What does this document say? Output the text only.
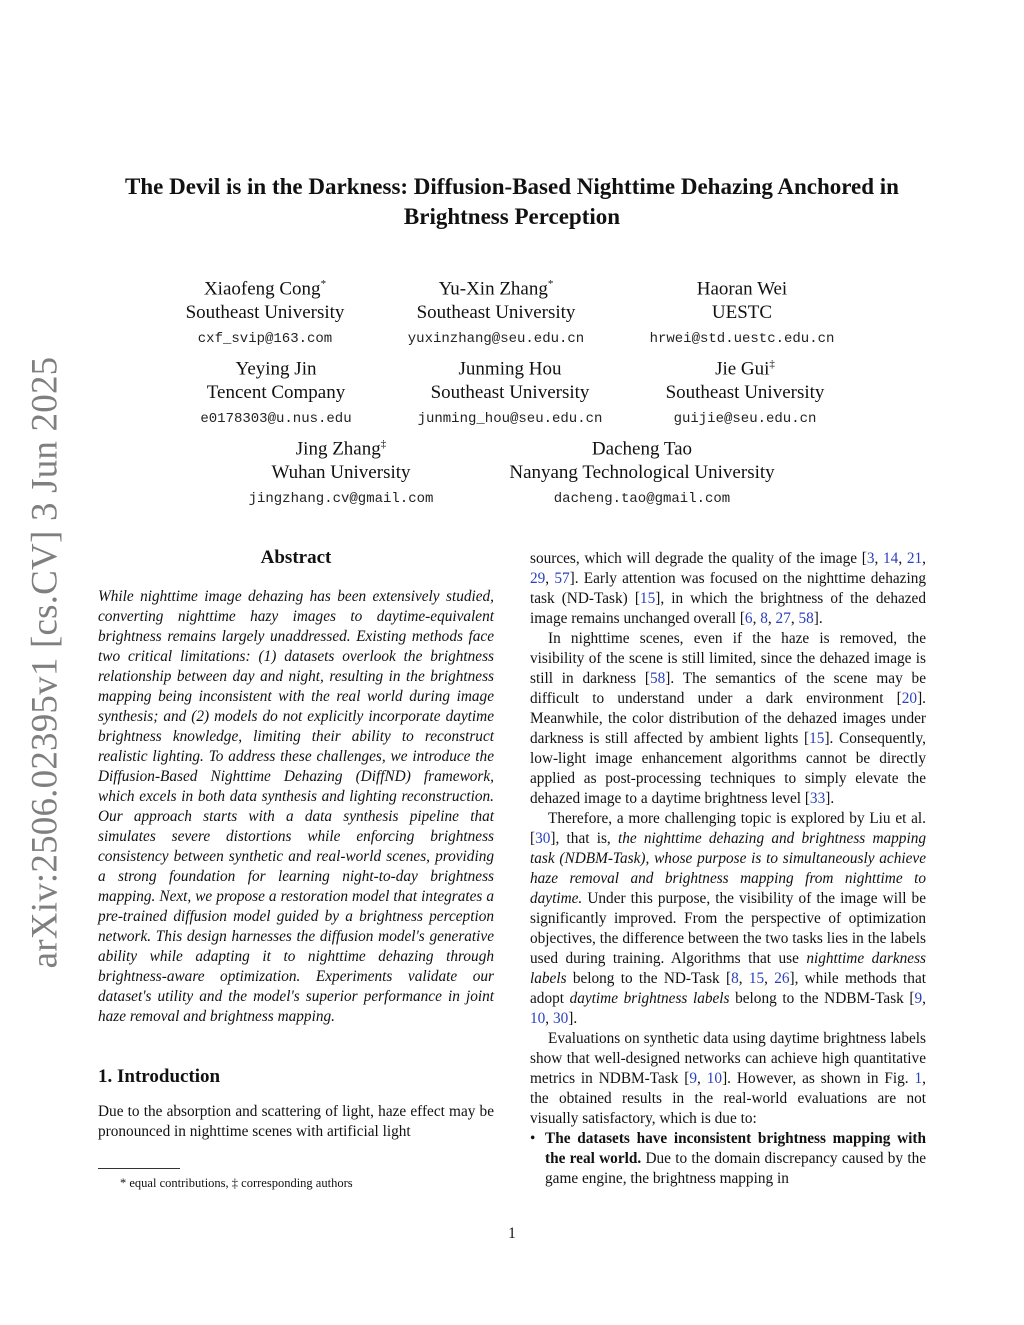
arXiv:2506.02395v1 [cs.CV] 3 Jun 2025
The Devil is in the Darkness: Diffusion-Based Nighttime Dehazing Anchored in
Brightness Perception
Xiaofeng Cong*
Southeast University
cxf_svip@163.com
Yu-Xin Zhang*
Southeast University
yuxinzhang@seu.edu.cn
Haoran Wei
UESTC
hrwei@std.uestc.edu.cn
Yeying Jin
Tencent Company
e0178303@u.nus.edu
Junming Hou
Southeast University
junming_hou@seu.edu.cn
Jie Gui‡
Southeast University
guijie@seu.edu.cn
Jing Zhang‡
Wuhan University
jingzhang.cv@gmail.com
Dacheng Tao
Nanyang Technological University
dacheng.tao@gmail.com
Abstract

While nighttime image dehazing has been extensively studied, converting nighttime hazy images to daytime-equivalent brightness remains largely unaddressed. Existing methods face two critical limitations: (1) datasets overlook the brightness relationship between day and night, resulting in the brightness mapping being inconsistent with the real world during image synthesis; and (2) models do not explicitly incorporate daytime brightness knowledge, limiting their ability to reconstruct realistic lighting. To address these challenges, we introduce the Diffusion-Based Nighttime Dehazing (DiffND) framework, which excels in both data synthesis and lighting reconstruction. Our approach starts with a data synthesis pipeline that simulates severe distortions while enforcing brightness consistency between synthetic and real-world scenes, providing a strong foundation for learning night-to-day brightness mapping. Next, we propose a restoration model that integrates a pre-trained diffusion model guided by a brightness perception network. This design harnesses the diffusion model's generative ability while adapting it to nighttime dehazing through brightness-aware optimization. Experiments validate our dataset's utility and the model's superior performance in joint haze removal and brightness mapping.

1. Introduction

Due to the absorption and scattering of light, haze effect may be pronounced in nighttime scenes with artificial light

* equal contributions, ‡ corresponding authors

sources, which will degrade the quality of the image [3, 14, 21, 29, 57]. Early attention was focused on the nighttime dehazing task (ND-Task) [15], in which the brightness of the dehazed image remains unchanged overall [6, 8, 27, 58].

In nighttime scenes, even if the haze is removed, the visibility of the scene is still limited, since the dehazed image is still in darkness [58]. The semantics of the scene may be difficult to understand under a dark environment [20]. Meanwhile, the color distribution of the dehazed images under darkness is still affected by ambient lights [15]. Consequently, low-light image enhancement algorithms cannot be directly applied as post-processing techniques to simply elevate the dehazed image to a daytime brightness level [33].

Therefore, a more challenging topic is explored by Liu et al. [30], that is, the nighttime dehazing and brightness mapping task (NDBM-Task), whose purpose is to simultaneously achieve haze removal and brightness mapping from nighttime to daytime. Under this purpose, the visibility of the image will be significantly improved. From the perspective of optimization objectives, the difference between the two tasks lies in the labels used during training. Algorithms that use nighttime darkness labels belong to the ND-Task [8, 15, 26], while methods that adopt daytime brightness labels belong to the NDBM-Task [9, 10, 30].

Evaluations on synthetic data using daytime brightness labels show that well-designed networks can achieve high quantitative metrics in NDBM-Task [9, 10]. However, as shown in Fig. 1, the obtained results in the real-world evaluations are not visually satisfactory, which is due to:

• The datasets have inconsistent brightness mapping with the real world. Due to the domain discrepancy caused by the game engine, the brightness mapping in
1
